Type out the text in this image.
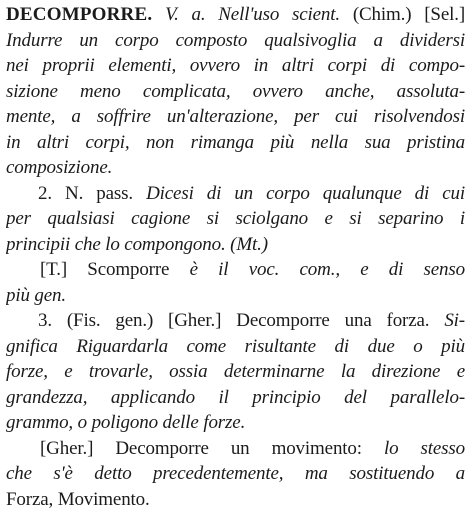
DECOMPORRE. V. a. Nell'uso scient. (Chim.) [Sel.]
Indurre un corpo composto qualsivoglia a dividersi
nei proprii elementi, ovvero in altri corpi di compo-
sizione meno complicata, ovvero anche, assoluta-
mente, a soffrire un'alterazione, per cui risolvendosi
in altri corpi, non rimanga più nella sua pristina
composizione.
2. N. pass. Dicesi di un corpo qualunque di cui
per qualsiasi cagione si sciolgano e si separino i
principii che lo compongono. (Mt.)
[T.] Scomporre è il voc. com., e di senso
più gen.
3. (Fis. gen.) [Gher.] Decomporre una forza. Si-
gnifica Riguardarla come risultante di due o più
forze, e trovarle, ossia determinarne la direzione e
grandezza, applicando il principio del parallelo-
grammo, o poligono delle forze.
[Gher.] Decomporre un movimento: lo stesso
che s'è detto precedentemente, ma sostituendo a
Forza, Movimento.
